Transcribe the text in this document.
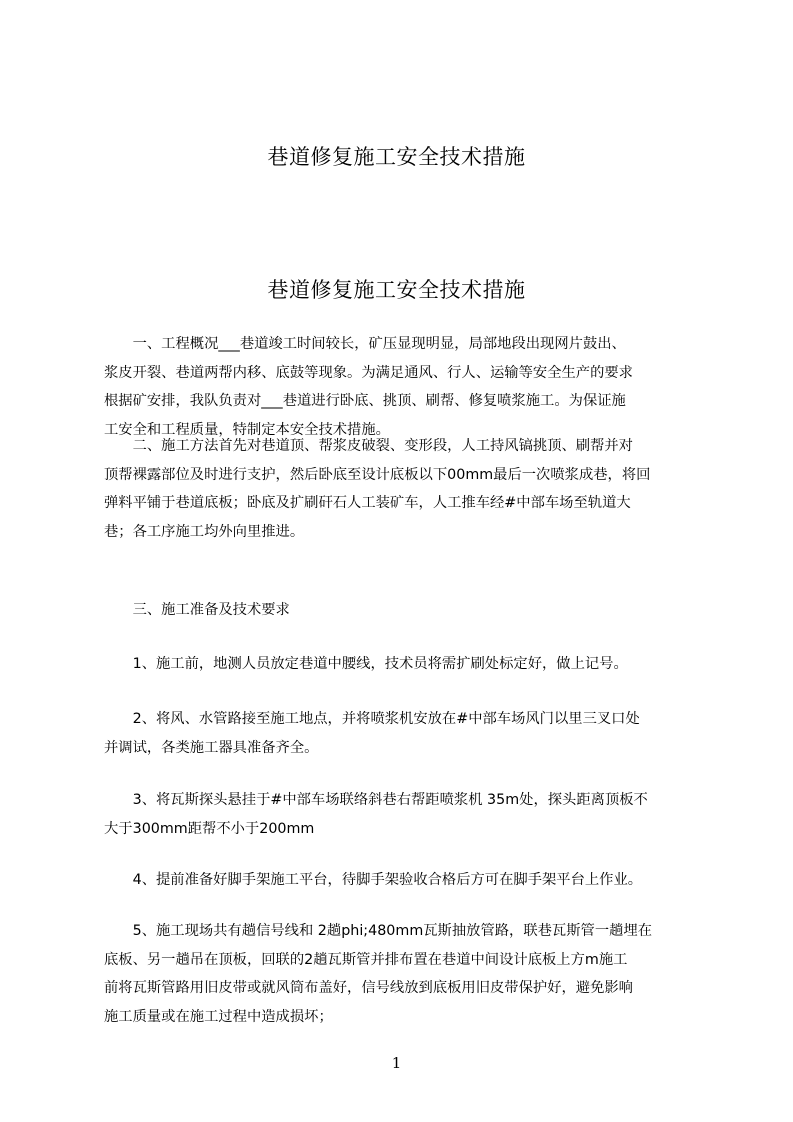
巷道修复施工安全技术措施
巷道修复施工安全技术措施
　　一、工程概况___巷道竣工时间较长，矿压显现明显，局部地段出现网片鼓出、
浆皮开裂、巷道两帮内移、底鼓等现象。为满足通风、行人、运输等安全生产的要求
根据矿安排，我队负责对___巷道进行卧底、挑顶、刷帮、修复喷浆施工。为保证施
工安全和工程质量，特制定本安全技术措施。
　　二、施工方法首先对巷道顶、帮浆皮破裂、变形段，人工持风镐挑顶、刷帮并对
顶帮裸露部位及时进行支护，然后卧底至设计底板以下00mm最后一次喷浆成巷，将回
弹料平铺于巷道底板；卧底及扩刷矸石人工装矿车，人工推车经#中部车场至轨道大
巷；各工序施工均外向里推进。
　　三、施工准备及技术要求
　　1、施工前，地测人员放定巷道中腰线，技术员将需扩刷处标定好，做上记号。
　　2、将风、水管路接至施工地点，并将喷浆机安放在#中部车场风门以里三叉口处
并调试，各类施工器具准备齐全。
　　3、将瓦斯探头悬挂于#中部车场联络斜巷右帮距喷浆机 35m处，探头距离顶板不
大于300mm距帮不小于200mm
　　4、提前准备好脚手架施工平台，待脚手架验收合格后方可在脚手架平台上作业。
　　5、施工现场共有趟信号线和 2趟phi;480mm瓦斯抽放管路，联巷瓦斯管一趟埋在
底板、另一趟吊在顶板，回联的2趟瓦斯管并排布置在巷道中间设计底板上方m施工
前将瓦斯管路用旧皮带或就风筒布盖好，信号线放到底板用旧皮带保护好，避免影响
施工质量或在施工过程中造成损坏；
1
